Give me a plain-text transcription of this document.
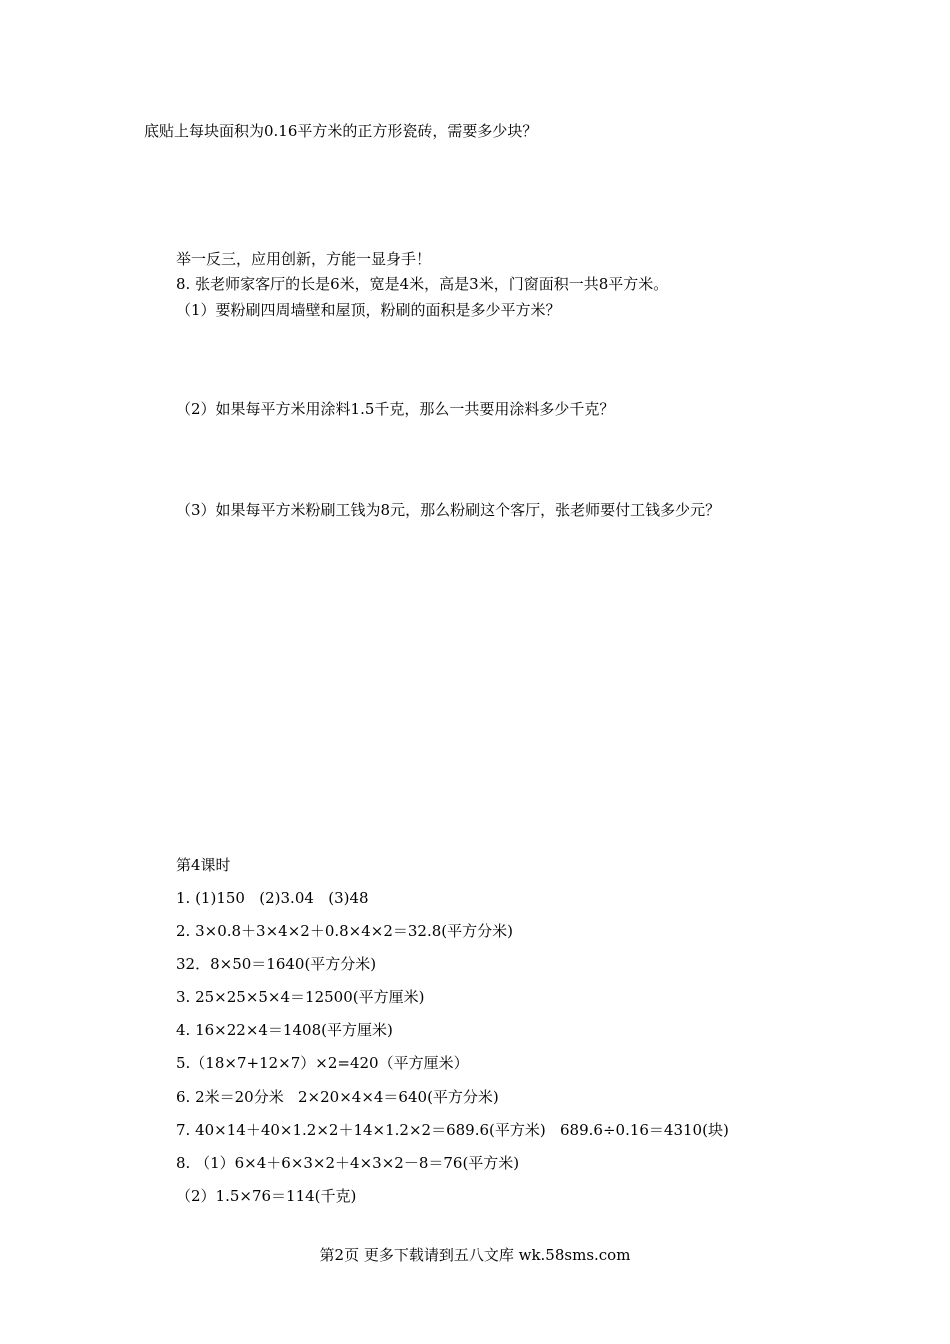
底贴上每块面积为0.16平方米的正方形瓷砖，需要多少块？
举一反三，应用创新，方能一显身手！
8. 张老师家客厅的长是6米，宽是4米，高是3米，门窗面积一共8平方米。
（1）要粉刷四周墙壁和屋顶，粉刷的面积是多少平方米？
（2）如果每平方米用涂料1.5千克，那么一共要用涂料多少千克？
（3）如果每平方米粉刷工钱为8元，那么粉刷这个客厅，张老师要付工钱多少元？
第4课时
1. (1)150   (2)3.04   (3)48
2. 3×0.8＋3×4×2＋0.8×4×2＝32.8(平方分米)
32．8×50＝1640(平方分米)
3. 25×25×5×4＝12500(平方厘米)
4. 16×22×4＝1408(平方厘米)
5.（18×7+12×7）×2=420（平方厘米）
6. 2米＝20分米   2×20×4×4＝640(平方分米)
7. 40×14＋40×1.2×2＋14×1.2×2＝689.6(平方米)   689.6÷0.16＝4310(块)
8. （1）6×4＋6×3×2＋4×3×2－8＝76(平方米)
（2）1.5×76＝114(千克)
第2页 更多下载请到五八文库 wk.58sms.com
